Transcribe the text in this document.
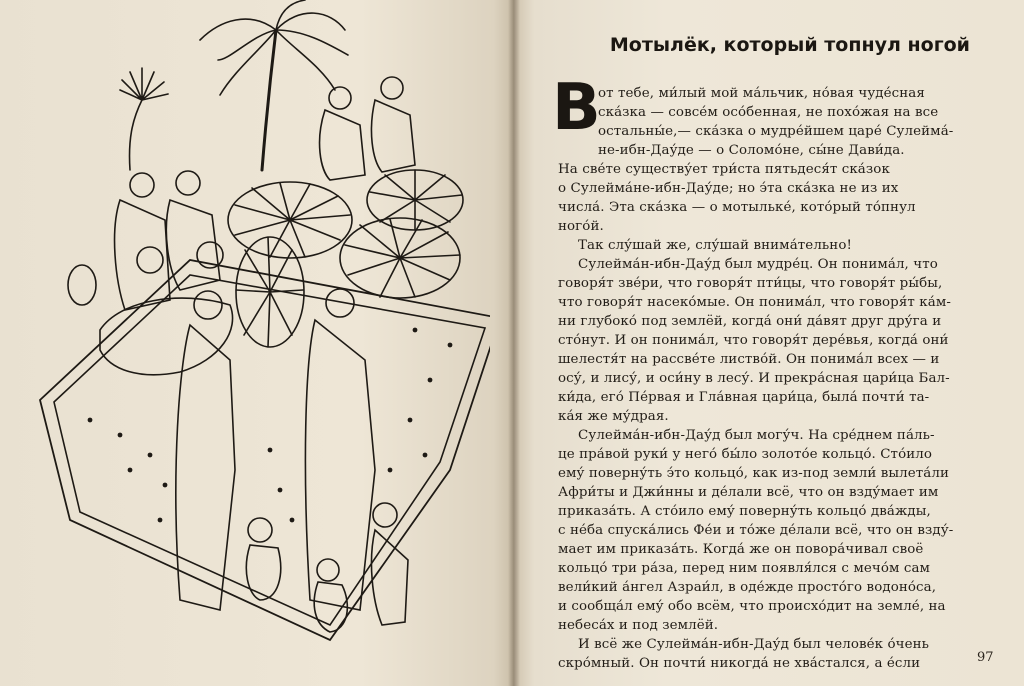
Мотылёк, который топнул ногой
В
от тебе, ми́лый мой ма́льчик, но́вая чуде́сная
ска́зка — совсе́м осо́бенная, не похо́жая на все
остальны́е,— ска́зка о мудре́йшем царе́ Сулейма́-
не-ибн-Дау́де — о Соломо́не, сы́не Дави́да.
На све́те существу́ет три́ста пятьдеся́т ска́зок
о Сулейма́не-ибн-Дау́де; но э́та ска́зка не из их
числа́. Эта ска́зка — о мотыльке́, кото́рый то́пнул
ного́й.
Так слу́шай же, слу́шай внима́тельно!
Сулейма́н-ибн-Дау́д был мудре́ц. Он понима́л, что
говоря́т зве́ри, что говоря́т пти́цы, что говоря́т ры́бы,
что говоря́т насеко́мые. Он понима́л, что говоря́т ка́м-
ни глубоко́ под землёй, когда́ они́ да́вят друг дру́га и
сто́нут. И он понима́л, что говоря́т дере́вья, когда́ они́
шелестя́т на рассве́те листво́й. Он понима́л всех — и
осу́, и лису́, и оси́ну в лесу́. И прекра́сная цари́ца Бал-
ки́да, его́ Пе́рвая и Гла́вная цари́ца, была́ почти́ та-
ка́я же му́драя.
Сулейма́н-ибн-Дау́д был могу́ч. На сре́днем па́ль-
це пра́вой руки́ у него́ бы́ло золото́е кольцо́. Сто́ило
ему́ поверну́ть э́то кольцо́, как из-под земли́ вылета́ли
Афри́ты и Джи́нны и де́лали всё, что он взду́мает им
приказа́ть. А сто́ило ему́ поверну́ть кольцо́ два́жды,
с не́ба спуска́лись Фе́и и то́же де́лали всё, что он взду́-
мает им приказа́ть. Когда́ же он повора́чивал своё
кольцо́ три ра́за, перед ним появля́лся с мечо́м сам
вели́кий а́нгел Азраи́л, в оде́жде просто́го водоно́са,
и сообща́л ему́ обо всём, что происхо́дит на земле́, на
небеса́х и под землёй.
И всё же Сулейма́н-ибн-Дау́д был челове́к о́чень
скро́мный. Он почти́ никогда́ не хва́стался, а е́сли	97
